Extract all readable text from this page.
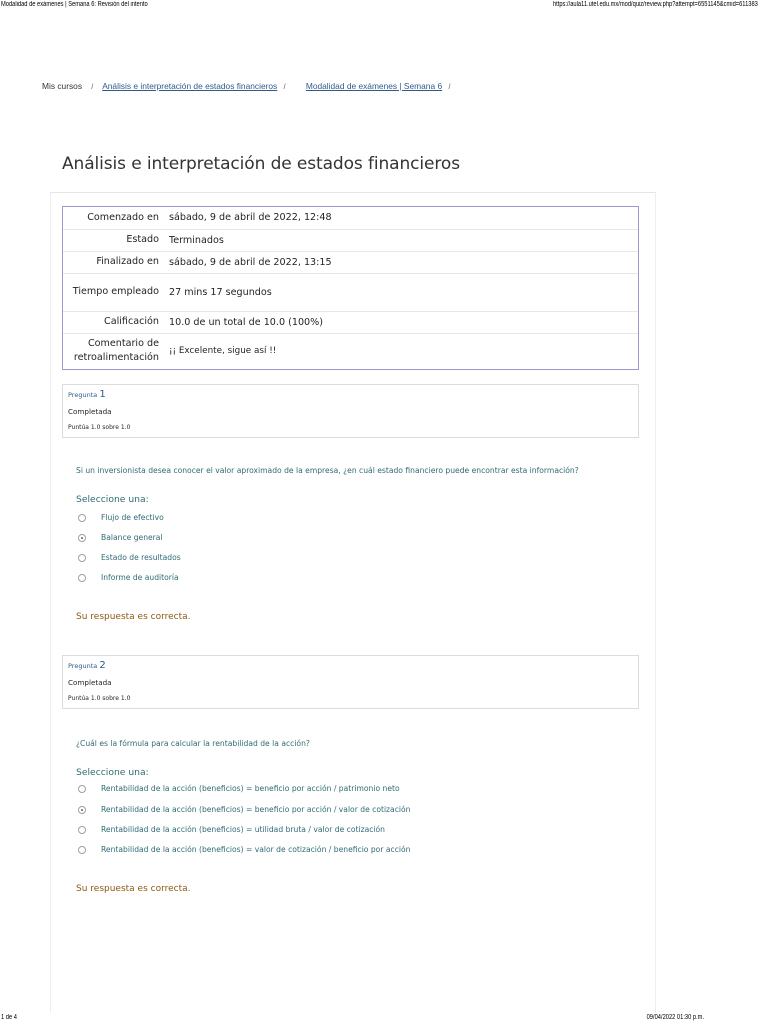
Modalidad de exámenes | Semana 6: Revisión del intento	https://aula11.utel.edu.mx/mod/quiz/review.php?attempt=6551145&cmid=611383
Mis cursos / Análisis e interpretación de estados financieros / Modalidad de exámenes | Semana 6 /
Análisis e interpretación de estados financieros
Comenzado en	sábado, 9 de abril de 2022, 12:48
Estado	Terminados
Finalizado en	sábado, 9 de abril de 2022, 13:15
Tiempo empleado	27 mins 17 segundos
Calificación	10.0 de un total de 10.0 (100%)
Comentario de retroalimentación	¡¡ Excelente, sigue así !!
Pregunta 1
Completada
Puntúa 1.0 sobre 1.0
Si un inversionista desea conocer el valor aproximado de la empresa, ¿en cuál estado financiero puede encontrar esta información?
Seleccione una:
Flujo de efectivo
Balance general
Estado de resultados
Informe de auditoría
Su respuesta es correcta.
Pregunta 2
Completada
Puntúa 1.0 sobre 1.0
¿Cuál es la fórmula para calcular la rentabilidad de la acción?
Seleccione una:
Rentabilidad de la acción (beneficios) = beneficio por acción / patrimonio neto
Rentabilidad de la acción (beneficios) = beneficio por acción / valor de cotización
Rentabilidad de la acción (beneficios) = utilidad bruta / valor de cotización
Rentabilidad de la acción (beneficios) = valor de cotización / beneficio por acción
Su respuesta es correcta.
1 de 4	09/04/2022 01:30 p.m.
